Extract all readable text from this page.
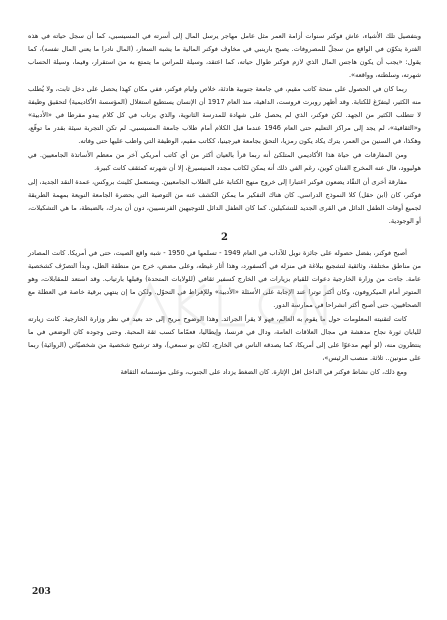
وبتفصيل تلك الأشياء، عاش فوكنر سنوات أزامة العمر مثل عامل مهاجر يرسل المال إلى أسرته في المسيسبي، كما أن سجل حياته في هذه الفترة يتكوّن في الواقع من سجلّ للمصروفات. يصبح بارينبي في مخاوف فوكنر المالية ما يشبه السعار، (المال نادرا ما يعني المال نفسه)، كما يقول: «يجب أن يكون هاجس المال الذي لازم فوكنر طوال حياته، كما اعتقد، وسيلة للمراس ما يتمتع به من استقرار، وقيما، وسيلة الحساب شهرته، وسلطته، وواقعه».

ربما كان في الحصول على منحة كاتب مقيم، في جامعة جنوبية هادئة، خلاص وليام فوكنر، ففي مكان كهذا يحصل على دخل ثابت، ولا يُطلب منه الكثير، ليتفرّغ للكتابة. وقد أظهر روبرت فروست، الداهية، منذ العام 1917 أن الإنسان يستطيع استغلال (المؤسسة الأكاديمية) لتحقيق وظيفة لا تتطلب الكثير من الجهد. لكن فوكنر، الذي لم يحصل على شهادة للمدرسة الثانوية، والذي يرتاب في كل كلام يبدو مفرطا في «الأدبية» و«الثقافية»، لم يجد إلى مراكز التعليم حتى العام 1946 عندما قبل الكلام أمام طلاب جامعة المسيسبي. لم تكن التجربة سيئة بقدر ما توقّع، وهكذا، في السنين من العمر، يترك يكاد يكون رمزيا، التحق بجامعة فيرجينيا، ككاتب مقيم، الوظيفة التي واظب عليها حتى وفاته.

ومن المفارقات في حياة هذا الأكاديمي المتلكئ أنه ربما قرأ بالعيان أكثر من أي كاتب أمريكي آخر من معظم الأساتذة الجامعيين. في هوليوود، قال عنه المخرج الفنان كوين، رغم الفي ذلك أنه يمكن لكاتب مجدد المنيسيرغ، إلا أن شهرته كمثقف كانت كبيرة.

مفارقة أخرى أن النقّاد يضعون فوكنر اعتبارا إلى خروج منهج الكتابة على الطلاب الجامعيين. ويستعمل كلينث بروكس، عمدة النقد الجديد، إلى فوكنر، كان (ابن حقل) كلا النموذج الدراسي. كان هناك التفكير ما يمكن الكشف عنه من التوصية التي بحضرة الجامعة النويعة بمهمة الطريقة لجميع أوقات الطفل الدائل في القرى الجديد للتشكيلين. كما كان الطفل الدائل للتوجيهين الفرنسيين، دون أن يدرك، بالضبطة، ما هي التشكيلات، أو الوجودية.

2

أصبح فوكنر، بفضل حصوله على جائزة نوبل للآداب في العام 1949 - تسلمها في 1950 - شبه واقع الصيت، حتى في أمريكا. كانت المصادر من مناطق مختلفة، وثائقية لتشجيع ببلاغة في منزله في أكسفورد، وهذا أثار غيظه، وعلى مضض، خرج من منطقة الظل، وبدأ التصرّف كشخصية عامة. جاءت من وزارة الخارجية دعوات للقيام بزيارات في الخارج كسفير ثقافي (للولايات المتحدة) وقبلها بارتياب. وقد استعد للمقابلات، وهو المتوتر أمام الميكروفون، وكان أكثر توترا عند الإجابة على الأسئلة «الأدبية» وللإفراط في التحوّل. ولكن ما إن ينتهي برقية خاصة في العطلة مع الصحافيين، حتى أصبح أكثر انشراحا في ممارسة الدور.

كانت لتقنيته المعلومات حول ما يقوم به العالم، فهو لا يقرأ الجرائد. وهذا الوضوح مريح إلى حد بعيد في نظر وزارة الخارجية. كانت زيارته لليابان ثورة نجاح مدهشة في مجال العلاقات العامة، ودال في فرنسا، وإيطاليا، فعمّاما كسب ثقة المحبة. وحتى وجوده كان الوضعي في ما ينتظرون منه، (لو أنهم مدعوّا على إلى أمريكا، كما يصدقه الناس في الخارج، لكان بو سمعي)، وقد ترشيح شخصية من شخصيّاتي (الروائية) ربما على منونين.. ثلاثة. منصب الرئيس»،

ومع ذلك، كان نشاط فوكنر في الداخل اقل الإثارة. كان الضغط يزداد على الجنوب، وعلى مؤسساته الثقافة

203
